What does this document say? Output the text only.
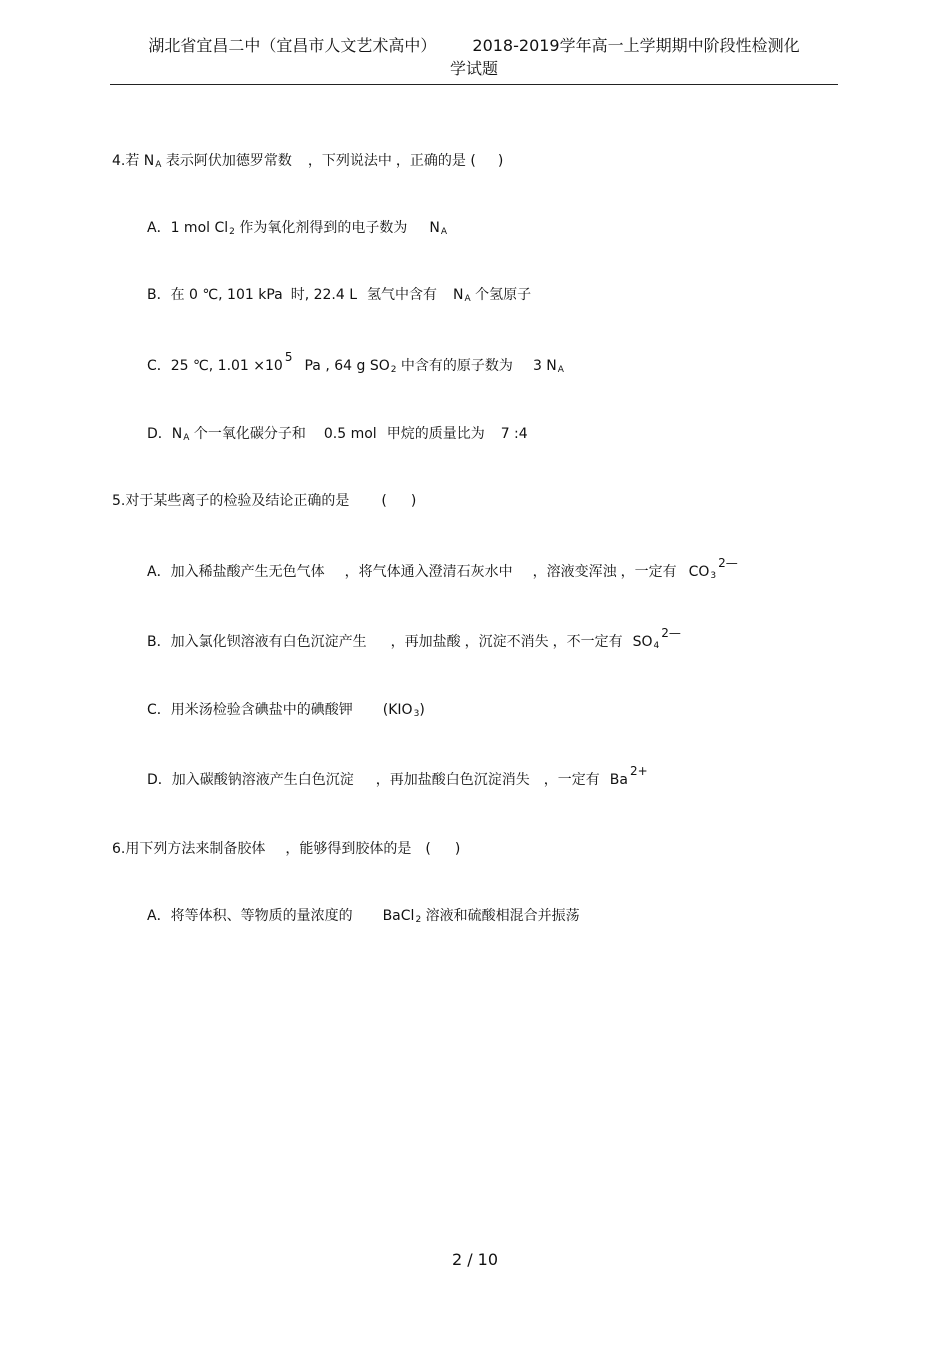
湖北省宜昌二中（宜昌市人文艺术高中） 2018-2019学年高一上学期期中阶段性检测化
学试题
4.若 $N_A$ 表示阿伏加德罗常数 ，下列说法中 ，正确的是 ( )
A．1 mol $Cl_2$ 作为氧化剂得到的电子数为 $N_A$
B．在 0 ℃, 101 kPa 时, 22.4 L 氢气中含有 $N_A$ 个氢原子
C．25 ℃, 1.01 ×105Pa , 64 g $SO_2$ 中含有的原子数为 3 $N_A$
D．$N_A$ 个一氧化碳分子和 0.5 mol 甲烷的质量比为 7 :4
5.对于某些离子的检验及结论正确的是 ( )
A．加入稀盐酸产生无色气体 ，将气体通入澄清石灰水中 ，溶液变浑浊 ，一定有 $CO_32—$
B．加入氯化钡溶液有白色沉淀产生 ，再加盐酸 ，沉淀不消失 ，不一定有 $SO_42—$
C．用米汤检验含碘盐中的碘酸钾 $(KIO_3)$
D．加入碳酸钠溶液产生白色沉淀 ，再加盐酸白色沉淀消失 ，一定有 Ba2+
6.用下列方法来制备胶体 ，能够得到胶体的是 ( )
A．将等体积、等物质的量浓度的 BaCl$_2$ 溶液和硫酸相混合并振荡
2 / 10
